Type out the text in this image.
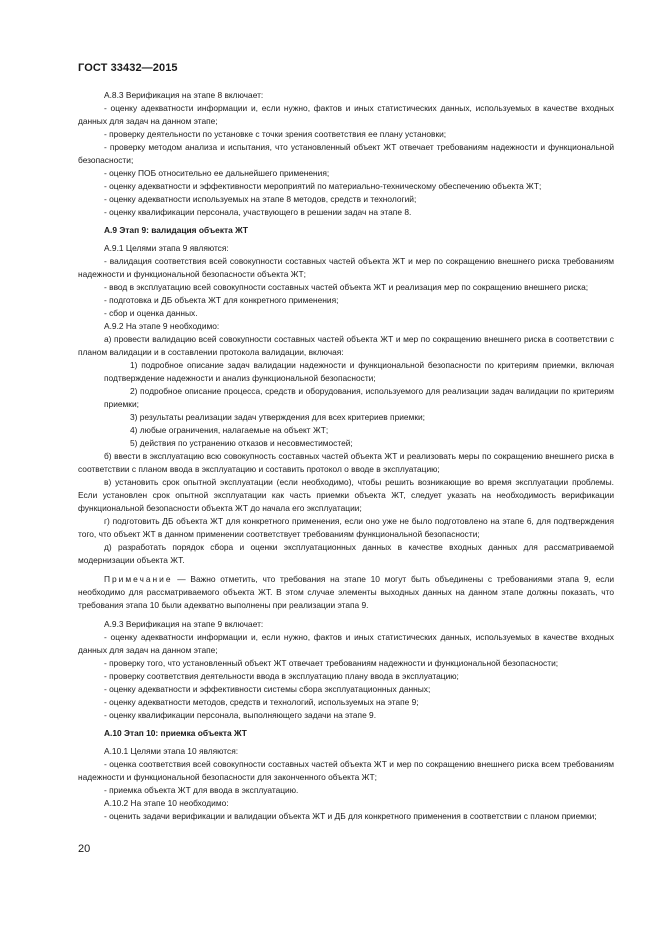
ГОСТ 33432—2015

А.8.3 Верификация на этапе 8 включает:

- оценку адекватности информации и, если нужно, фактов и иных статистических данных, используемых в качестве входных данных для задач на данном этапе;

- проверку деятельности по установке с точки зрения соответствия ее плану установки;

- проверку методом анализа и испытания, что установленный объект ЖТ отвечает требованиям надежности и функциональной безопасности;

- оценку ПОБ относительно ее дальнейшего применения;

- оценку адекватности и эффективности мероприятий по материально-техническому обеспечению объекта ЖТ;

- оценку адекватности используемых на этапе 8 методов, средств и технологий;

- оценку квалификации персонала, участвующего в решении задач на этапе 8.

А.9 Этап 9: валидация объекта ЖТ

А.9.1 Целями этапа 9 являются:

- валидация соответствия всей совокупности составных частей объекта ЖТ и мер по сокращению внешнего риска требованиям надежности и функциональной безопасности объекта ЖТ;

- ввод в эксплуатацию всей совокупности составных частей объекта ЖТ и реализация мер по сокращению внешнего риска;

- подготовка и ДБ объекта ЖТ для конкретного применения;

- сбор и оценка данных.

А.9.2 На этапе 9 необходимо:

а) провести валидацию всей совокупности составных частей объекта ЖТ и мер по сокращению внешнего риска в соответствии с планом валидации и в составлении протокола валидации, включая:

1) подробное описание задач валидации надежности и функциональной безопасности по критериям приемки, включая подтверждение надежности и анализ функциональной безопасности;

2) подробное описание процесса, средств и оборудования, используемого для реализации задач валидации по критериям приемки;

3) результаты реализации задач утверждения для всех критериев приемки;

4) любые ограничения, налагаемые на объект ЖТ;

5) действия по устранению отказов и несовместимостей;

б) ввести в эксплуатацию всю совокупность составных частей объекта ЖТ и реализовать меры по сокращению внешнего риска в соответствии с планом ввода в эксплуатацию и составить протокол о вводе в эксплуатацию;

в) установить срок опытной эксплуатации (если необходимо), чтобы решить возникающие во время эксплуатации проблемы. Если установлен срок опытной эксплуатации как часть приемки объекта ЖТ, следует указать на необходимость верификации функциональной безопасности объекта ЖТ до начала его эксплуатации;

г) подготовить ДБ объекта ЖТ для конкретного применения, если оно уже не было подготовлено на этапе 6, для подтверждения того, что объект ЖТ в данном применении соответствует требованиям функциональной безопасности;

д) разработать порядок сбора и оценки эксплуатационных данных в качестве входных данных для рассматриваемой модернизации объекта ЖТ.

Примечание — Важно отметить, что требования на этапе 10 могут быть объединены с требованиями этапа 9, если необходимо для рассматриваемого объекта ЖТ. В этом случае элементы выходных данных на данном этапе должны показать, что требования этапа 10 были адекватно выполнены при реализации этапа 9.

А.9.3 Верификация на этапе 9 включает:

- оценку адекватности информации и, если нужно, фактов и иных статистических данных, используемых в качестве входных данных для задач на данном этапе;

- проверку того, что установленный объект ЖТ отвечает требованиям надежности и функциональной безопасности;

- проверку соответствия деятельности ввода в эксплуатацию плану ввода в эксплуатацию;

- оценку адекватности и эффективности системы сбора эксплуатационных данных;

- оценку адекватности методов, средств и технологий, используемых на этапе 9;

- оценку квалификации персонала, выполняющего задачи на этапе 9.

А.10 Этап 10: приемка объекта ЖТ

А.10.1 Целями этапа 10 являются:

- оценка соответствия всей совокупности составных частей объекта ЖТ и мер по сокращению внешнего риска всем требованиям надежности и функциональной безопасности для законченного объекта ЖТ;

- приемка объекта ЖТ для ввода в эксплуатацию.

А.10.2 На этапе 10 необходимо:

- оценить задачи верификации и валидации объекта ЖТ и ДБ для конкретного применения в соответствии с планом приемки;

20
